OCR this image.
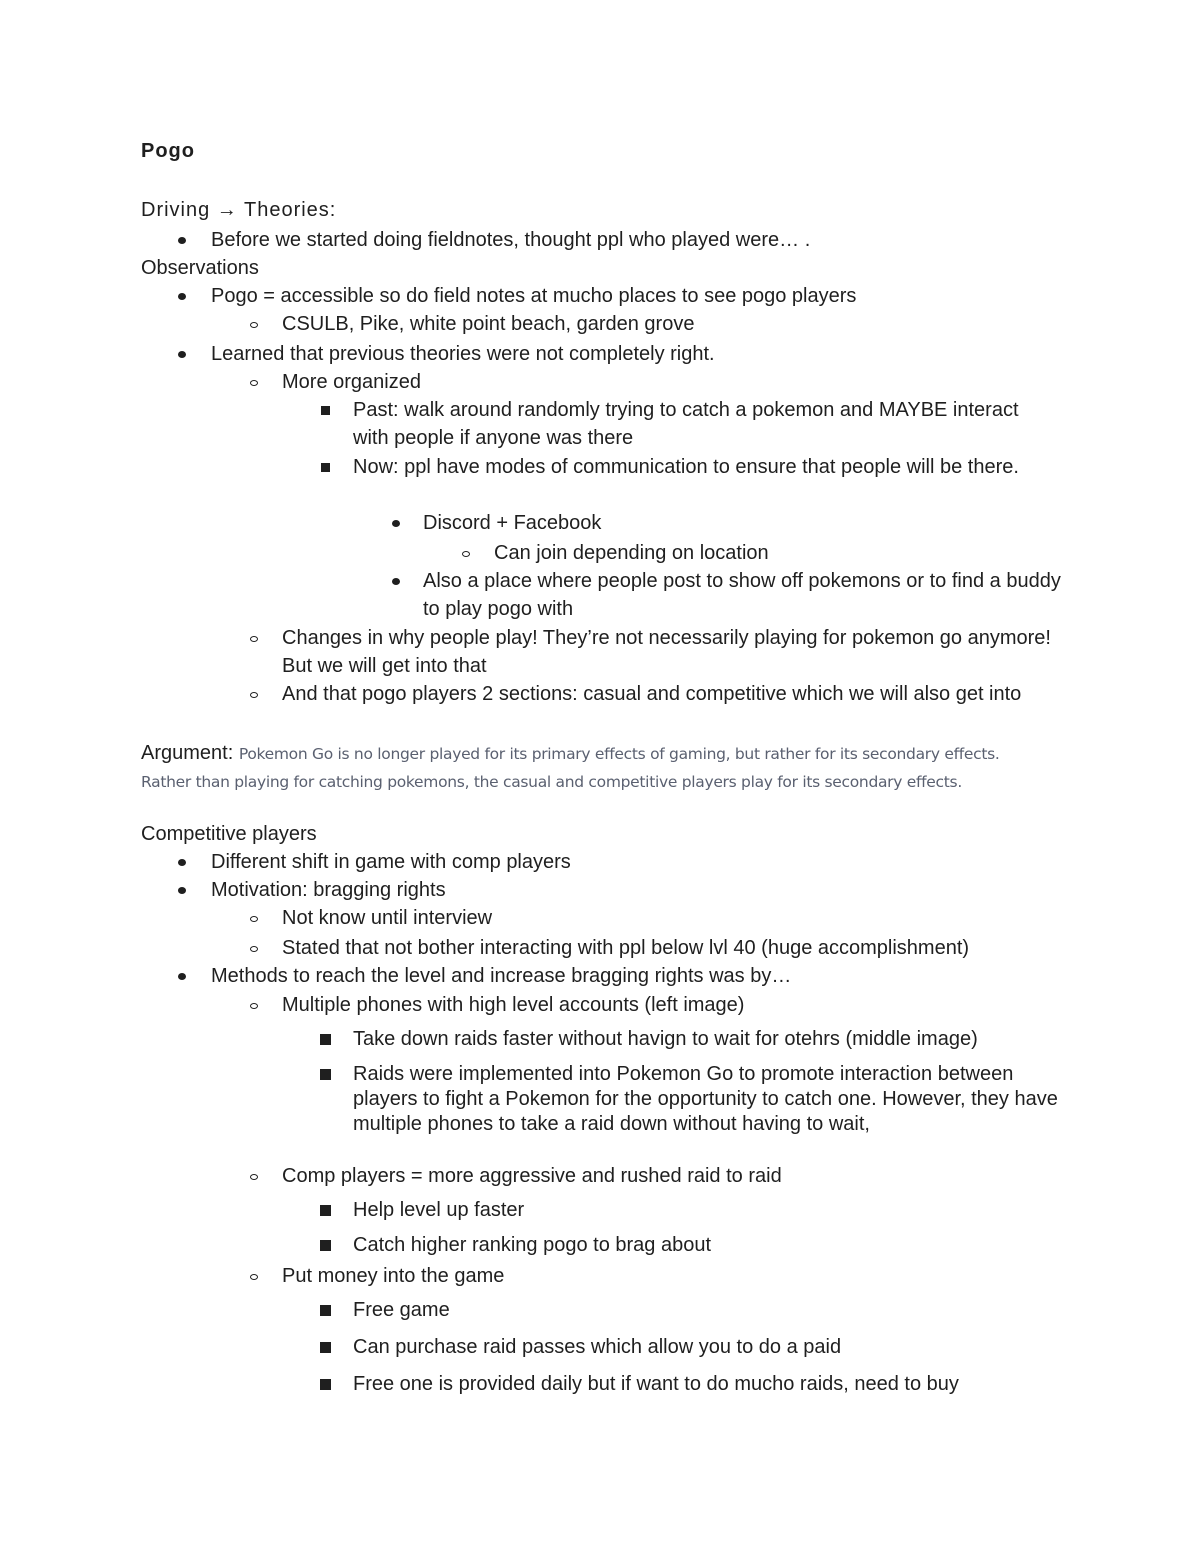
Pogo
Driving → Theories:
Before we started doing fieldnotes, thought ppl who played were… .
Observations
Pogo = accessible so do field notes at mucho places to see pogo players
CSULB, Pike, white point beach, garden grove
Learned that previous theories were not completely right.
More organized
Past: walk around randomly trying to catch a pokemon and MAYBE interact with people if anyone was there
Now: ppl have modes of communication to ensure that people will be there.
Discord + Facebook
Can join depending on location
Also a place where people post to show off pokemons or to find a buddy to play pogo with
Changes in why people play! They’re not necessarily playing for pokemon go anymore! But we will get into that
And that pogo players 2 sections: casual and competitive which we will also get into
Argument: Pokemon Go is no longer played for its primary effects of gaming, but rather for its secondary effects. Rather than playing for catching pokemons, the casual and competitive players play for its secondary effects.
Competitive players
Different shift in game with comp players
Motivation: bragging rights
Not know until interview
Stated that not bother interacting with ppl below lvl 40 (huge accomplishment)
Methods to reach the level and increase bragging rights was by…
Multiple phones with high level accounts (left image)
Take down raids faster without havign to wait for otehrs (middle image)
Raids were implemented into Pokemon Go to promote interaction between players to fight a Pokemon for the opportunity to catch one. However, they have multiple phones to take a raid down without having to wait,
Comp players = more aggressive and rushed raid to raid
Help level up faster
Catch higher ranking pogo to brag about
Put money into the game
Free game
Can purchase raid passes which allow you to do a paid
Free one is provided daily but if want to do mucho raids, need to buy
